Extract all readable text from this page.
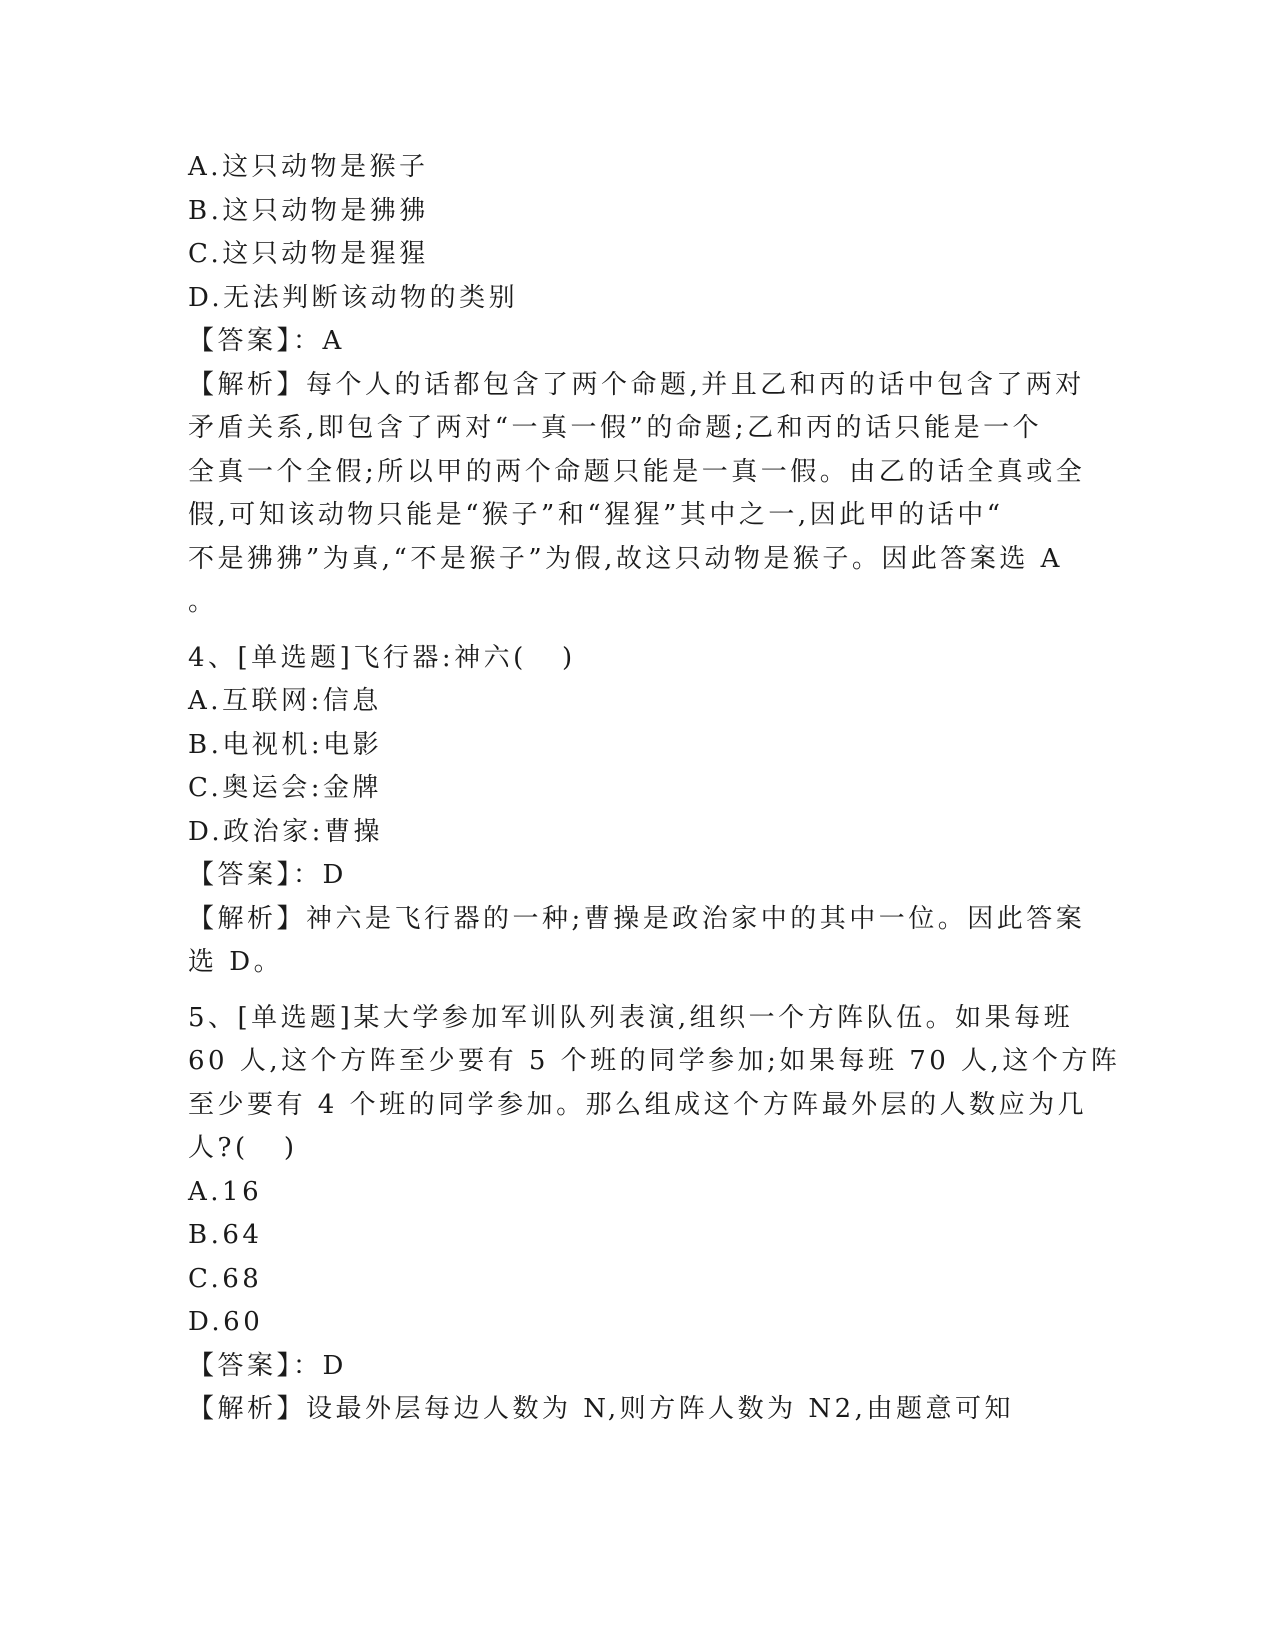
A.这只动物是猴子

B.这只动物是狒狒

C.这只动物是猩猩

D.无法判断该动物的类别

【答案】：A

【解析】每个人的话都包含了两个命题,并且乙和丙的话中包含了两对
矛盾关系,即包含了两对“一真一假”的命题;乙和丙的话只能是一个
全真一个全假;所以甲的两个命题只能是一真一假。由乙的话全真或全
假,可知该动物只能是“猴子”和“猩猩”其中之一,因此甲的话中“
不是狒狒”为真,“不是猴子”为假,故这只动物是猴子。因此答案选 A
。

4、[单选题]飞行器:神六(   )

A.互联网:信息

B.电视机:电影

C.奥运会:金牌

D.政治家:曹操

【答案】：D

【解析】神六是飞行器的一种;曹操是政治家中的其中一位。因此答案
选 D。
5、[单选题]某大学参加军训队列表演,组织一个方阵队伍。如果每班
60 人,这个方阵至少要有 5 个班的同学参加;如果每班 70 人,这个方阵
至少要有 4 个班的同学参加。那么组成这个方阵最外层的人数应为几
人?(   )

A.16

B.64

C.68

D.60

【答案】：D

【解析】设最外层每边人数为 N,则方阵人数为 N2,由题意可知
